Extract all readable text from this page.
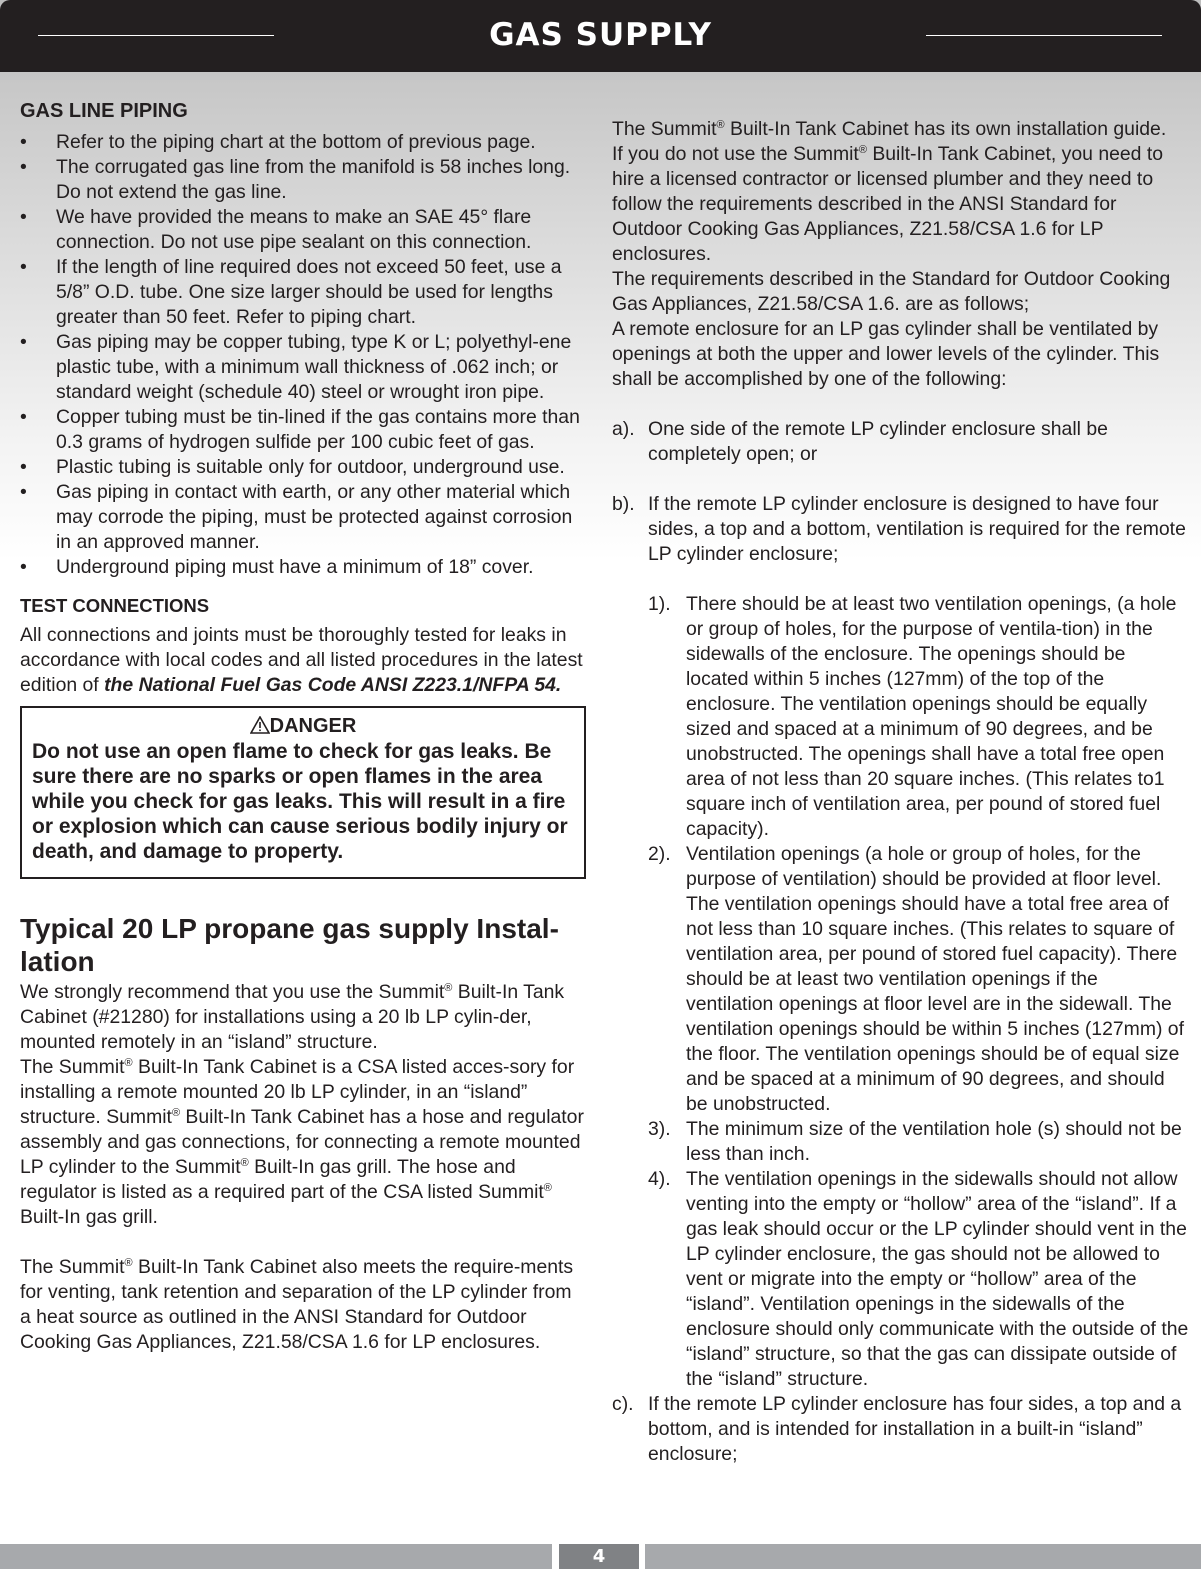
GAS SUPPLY
GAS LINE PIPING
• Refer to the piping chart at the bottom of previous page.
• The corrugated gas line from the manifold is 58 inches long. Do not extend the gas line.
• We have provided the means to make an SAE 45° flare connection. Do not use pipe sealant on this connection.
• If the length of line required does not exceed 50 feet, use a 5/8” O.D. tube. One size larger should be used for lengths greater than 50 feet. Refer to piping chart.
• Gas piping may be copper tubing, type K or L; polyethyl-ene plastic tube, with a minimum wall thickness of .062 inch; or standard weight (schedule 40) steel or wrought iron pipe.
• Copper tubing must be tin-lined if the gas contains more than 0.3 grams of hydrogen sulfide per 100 cubic feet of gas.
• Plastic tubing is suitable only for outdoor, underground use.
• Gas piping in contact with earth, or any other material which may corrode the piping, must be protected against corrosion in an approved manner.
• Underground piping must have a minimum of 18” cover.
TEST CONNECTIONS

All connections and joints must be thoroughly tested for leaks in accordance with local codes and all listed procedures in the latest edition of the National Fuel Gas Code ANSI Z223.1/NFPA 54.

DANGER
Do not use an open flame to check for gas leaks. Be sure there are no sparks or open flames in the area while you check for gas leaks. This will result in a fire or explosion which can cause serious bodily injury or death, and damage to property.
Typical 20 LP propane gas supply Instal-lation

We strongly recommend that you use the Summit® Built-In Tank Cabinet (#21280) for installations using a 20 lb LP cylin-der, mounted remotely in an “island” structure.

The Summit® Built-In Tank Cabinet is a CSA listed acces-sory for installing a remote mounted 20 lb LP cylinder, in an “island” structure. Summit® Built-In Tank Cabinet has a hose and regulator assembly and gas connections, for connecting a remote mounted LP cylinder to the Summit® Built-In gas grill. The hose and regulator is listed as a required part of the CSA listed Summit® Built-In gas grill.

The Summit® Built-In Tank Cabinet also meets the require-ments for venting, tank retention and separation of the LP cylinder from a heat source as outlined in the ANSI Standard for Outdoor Cooking Gas Appliances, Z21.58/CSA 1.6 for LP enclosures.

The Summit® Built-In Tank Cabinet has its own installation guide.

If you do not use the Summit® Built-In Tank Cabinet, you need to hire a licensed contractor or licensed plumber and they need to follow the requirements described in the ANSI Standard for Outdoor Cooking Gas Appliances, Z21.58/CSA 1.6 for LP enclosures.

The requirements described in the Standard for Outdoor Cooking Gas Appliances, Z21.58/CSA 1.6. are as follows;

A remote enclosure for an LP gas cylinder shall be ventilated by openings at both the upper and lower levels of the cylinder. This shall be accomplished by one of the following:

a). One side of the remote LP cylinder enclosure shall be completely open; or
b). If the remote LP cylinder enclosure is designed to have four sides, a top and a bottom, ventilation is required for the remote LP cylinder enclosure;
1). There should be at least two ventilation openings, (a hole or group of holes, for the purpose of ventila-tion) in the sidewalls of the enclosure. The openings should be located within 5 inches (127mm) of the top of the enclosure. The ventilation openings should be equally sized and spaced at a minimum of 90 degrees, and be unobstructed. The openings shall have a total free open area of not less than 20 square inches. (This relates to1 square inch of ventilation area, per pound of stored fuel capacity).
2). Ventilation openings (a hole or group of holes, for the purpose of ventilation) should be provided at floor level. The ventilation openings should have a total free area of not less than 10 square inches. (This relates to square of ventilation area, per pound of stored fuel capacity). There should be at least two ventilation openings if the ventilation openings at floor level are in the sidewall. The ventilation openings should be within 5 inches (127mm) of the floor. The ventilation openings should be of equal size and be spaced at a minimum of 90 degrees, and should be unobstructed.
3). The minimum size of the ventilation hole (s) should not be less than inch.
4). The ventilation openings in the sidewalls should not allow venting into the empty or “hollow” area of the “island”. If a gas leak should occur or the LP cylinder should vent in the LP cylinder enclosure, the gas should not be allowed to vent or migrate into the empty or “hollow” area of the “island”. Ventilation openings in the sidewalls of the enclosure should only communicate with the outside of the “island” structure, so that the gas can dissipate outside of the “island” structure.
c). If the remote LP cylinder enclosure has four sides, a top and a bottom, and is intended for installation in a built-in “island” enclosure;
4
